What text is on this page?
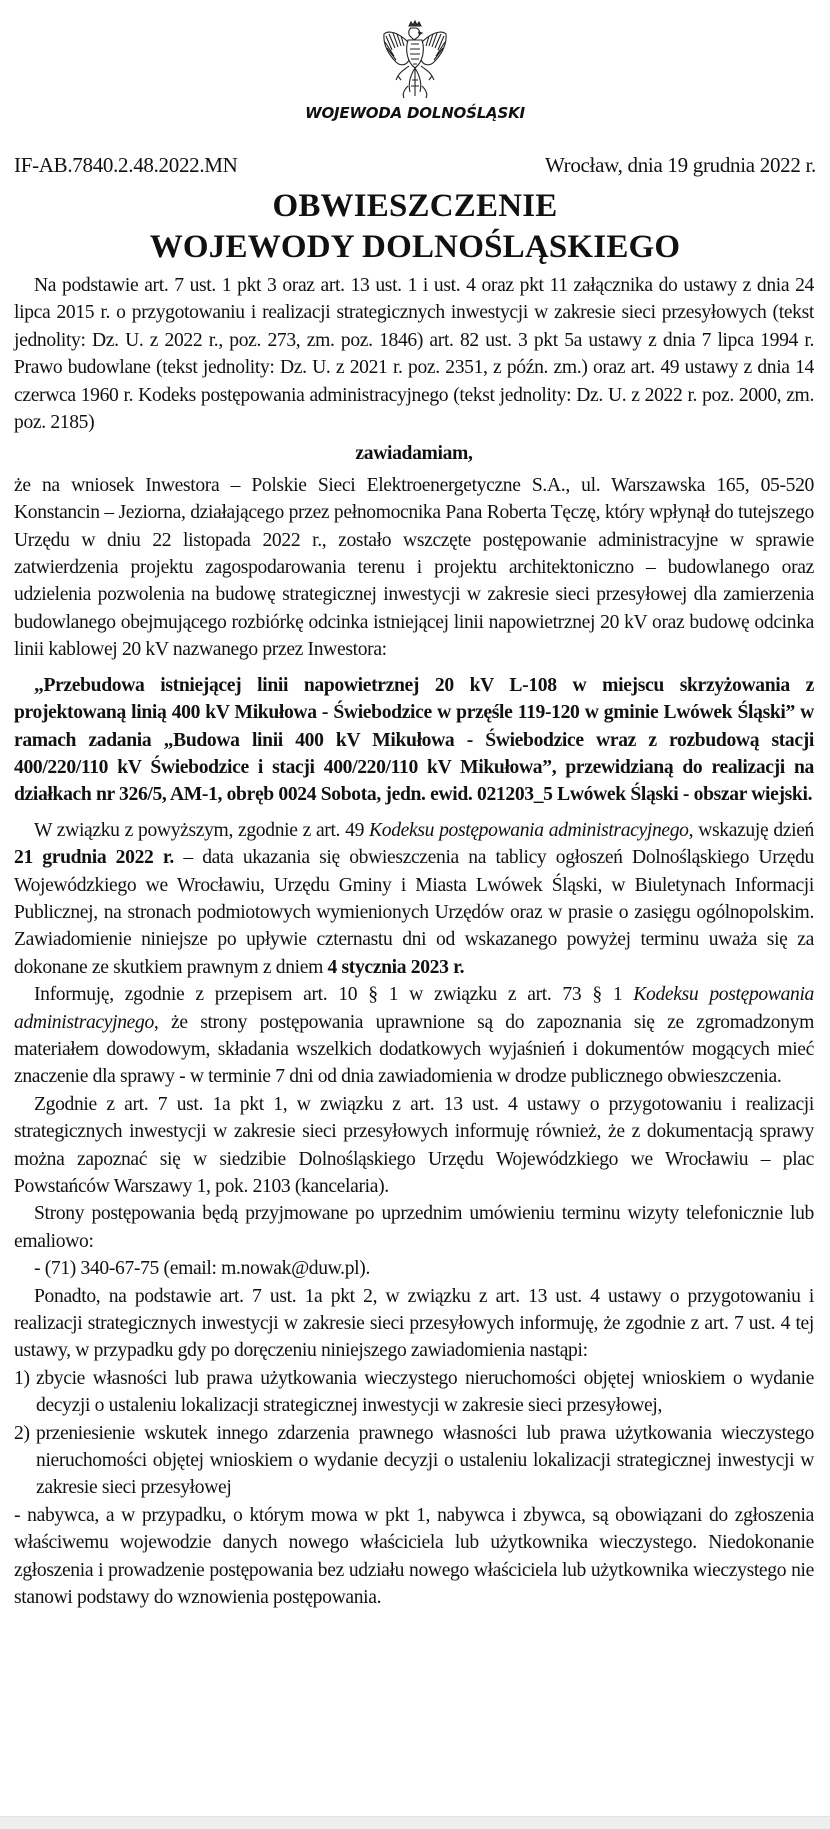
WOJEWODA DOLNOŚLĄSKI
IF-AB.7840.2.48.2022.MN	Wrocław, dnia 19 grudnia 2022 r.
OBWIESZCZENIE
WOJEWODY DOLNOŚLĄSKIEGO

Na podstawie art. 7 ust. 1 pkt 3 oraz art. 13 ust. 1 i ust. 4 oraz pkt 11 załącznika do ustawy z dnia 24 lipca 2015 r. o przygotowaniu i realizacji strategicznych inwestycji w zakresie sieci przesyłowych (tekst jednolity: Dz. U. z 2022 r., poz. 273, zm. poz. 1846) art. 82 ust. 3 pkt 5a ustawy z dnia 7 lipca 1994 r. Prawo budowlane (tekst jednolity: Dz. U. z 2021 r. poz. 2351, z późn. zm.) oraz art. 49 ustawy z dnia 14 czerwca 1960 r. Kodeks postępowania administracyjnego (tekst jednolity: Dz. U. z 2022 r. poz. 2000, zm. poz. 2185)

zawiadamiam,

że na wniosek Inwestora – Polskie Sieci Elektroenergetyczne S.A., ul. Warszawska 165, 05-520 Konstancin – Jeziorna, działającego przez pełnomocnika Pana Roberta Tęczę, który wpłynął do tutejszego Urzędu w dniu 22 listopada 2022 r., zostało wszczęte postępowanie administracyjne w sprawie zatwierdzenia projektu zagospodarowania terenu i projektu architektoniczno – budowlanego oraz udzielenia pozwolenia na budowę strategicznej inwestycji w zakresie sieci przesyłowej dla zamierzenia budowlanego obejmującego rozbiórkę odcinka istniejącej linii napowietrznej 20 kV oraz budowę odcinka linii kablowej 20 kV nazwanego przez Inwestora:

„Przebudowa istniejącej linii napowietrznej 20 kV L-108 w miejscu skrzyżowania z projektowaną linią 400 kV Mikułowa - Świebodzice w przęśle 119-120 w gminie Lwówek Śląski” w ramach zadania „Budowa linii 400 kV Mikułowa - Świebodzice wraz z rozbudową stacji 400/220/110 kV Świebodzice i stacji 400/220/110 kV Mikułowa”, przewidzianą do realizacji na działkach nr 326/5, AM-1, obręb 0024 Sobota, jedn. ewid. 021203_5 Lwówek Śląski - obszar wiejski.

W związku z powyższym, zgodnie z art. 49 Kodeksu postępowania administracyjnego, wskazuję dzień 21 grudnia 2022 r. – data ukazania się obwieszczenia na tablicy ogłoszeń Dolnośląskiego Urzędu Wojewódzkiego we Wrocławiu, Urzędu Gminy i Miasta Lwówek Śląski, w Biuletynach Informacji Publicznej, na stronach podmiotowych wymienionych Urzędów oraz w prasie o zasięgu ogólnopolskim. Zawiadomienie niniejsze po upływie czternastu dni od wskazanego powyżej terminu uważa się za dokonane ze skutkiem prawnym z dniem 4 stycznia 2023 r.

Informuję, zgodnie z przepisem art. 10 § 1 w związku z art. 73 § 1 Kodeksu postępowania administracyjnego, że strony postępowania uprawnione są do zapoznania się ze zgromadzonym materiałem dowodowym, składania wszelkich dodatkowych wyjaśnień i dokumentów mogących mieć znaczenie dla sprawy - w terminie 7 dni od dnia zawiadomienia w drodze publicznego obwieszczenia.

Zgodnie z art. 7 ust. 1a pkt 1, w związku z art. 13 ust. 4 ustawy o przygotowaniu i realizacji strategicznych inwestycji w zakresie sieci przesyłowych informuję również, że z dokumentacją sprawy można zapoznać się w siedzibie Dolnośląskiego Urzędu Wojewódzkiego we Wrocławiu – plac Powstańców Warszawy 1, pok. 2103 (kancelaria).

Strony postępowania będą przyjmowane po uprzednim umówieniu terminu wizyty telefonicznie lub emaliowo:

- (71) 340-67-75 (email: m.nowak@duw.pl).

Ponadto, na podstawie art. 7 ust. 1a pkt 2, w związku z art. 13 ust. 4 ustawy o przygotowaniu i realizacji strategicznych inwestycji w zakresie sieci przesyłowych informuję, że zgodnie z art. 7 ust. 4 tej ustawy, w przypadku gdy po doręczeniu niniejszego zawiadomienia nastąpi:

1) zbycie własności lub prawa użytkowania wieczystego nieruchomości objętej wnioskiem o wydanie decyzji o ustaleniu lokalizacji strategicznej inwestycji w zakresie sieci przesyłowej,
2) przeniesienie wskutek innego zdarzenia prawnego własności lub prawa użytkowania wieczystego nieruchomości objętej wnioskiem o wydanie decyzji o ustaleniu lokalizacji strategicznej inwestycji w zakresie sieci przesyłowej

- nabywca, a w przypadku, o którym mowa w pkt 1, nabywca i zbywca, są obowiązani do zgłoszenia właściwemu wojewodzie danych nowego właściciela lub użytkownika wieczystego. Niedokonanie zgłoszenia i prowadzenie postępowania bez udziału nowego właściciela lub użytkownika wieczystego nie stanowi podstawy do wznowienia postępowania.
